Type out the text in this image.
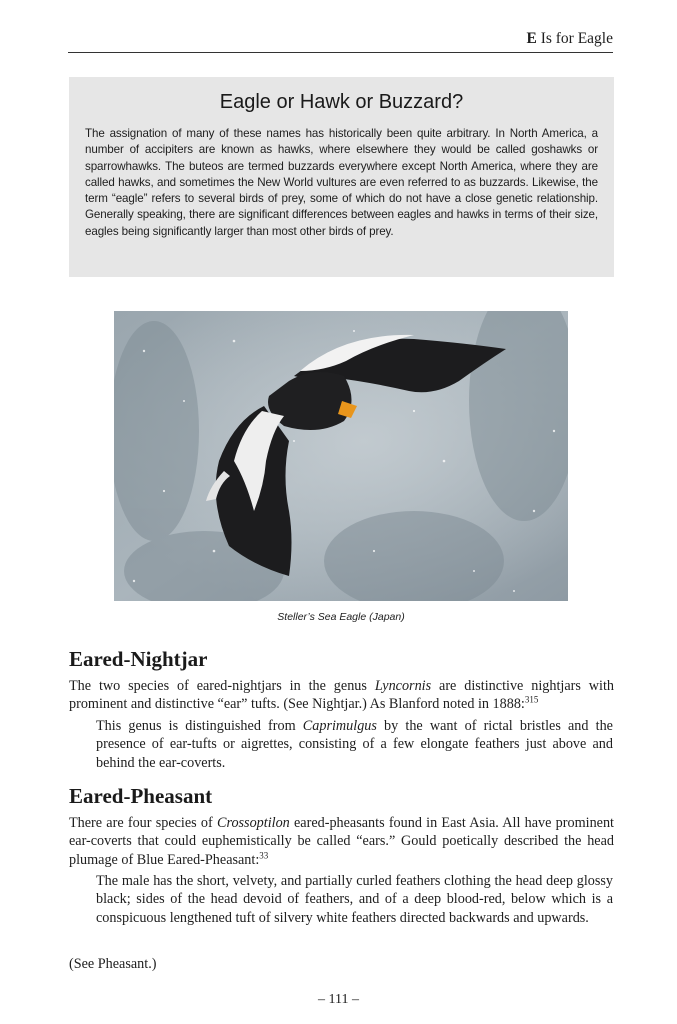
E Is for Eagle
Eagle or Hawk or Buzzard?
The assignation of many of these names has historically been quite arbitrary. In North America, a number of accipiters are known as hawks, where elsewhere they would be called goshawks or sparrowhawks. The buteos are termed buzzards everywhere except North America, where they are called hawks, and sometimes the New World vultures are even referred to as buzzards. Likewise, the term “eagle” refers to several birds of prey, some of which do not have a close genetic relationship. Generally speaking, there are significant differences between eagles and hawks in terms of their size, eagles being significantly larger than most other birds of prey.
Steller’s Sea Eagle (Japan)
Eared-Nightjar
The two species of eared-nightjars in the genus Lyncornis are distinctive nightjars with prominent and distinctive “ear” tufts. (See Nightjar.) As Blanford noted in 1888:$^{315}$
This genus is distinguished from Caprimulgus by the want of rictal bristles and the presence of ear-tufts or aigrettes, consisting of a few elongate feathers just above and behind the ear-coverts.
Eared-Pheasant
There are four species of Crossoptilon eared-pheasants found in East Asia. All have prominent ear-coverts that could euphemistically be called “ears.” Gould poetically described the head plumage of Blue Eared-Pheasant:$^{33}$
The male has the short, velvety, and partially curled feathers clothing the head deep glossy black; sides of the head devoid of feathers, and of a deep blood-red, below which is a conspicuous lengthened tuft of silvery white feathers directed backwards and upwards.
(See Pheasant.)
– 111 –
